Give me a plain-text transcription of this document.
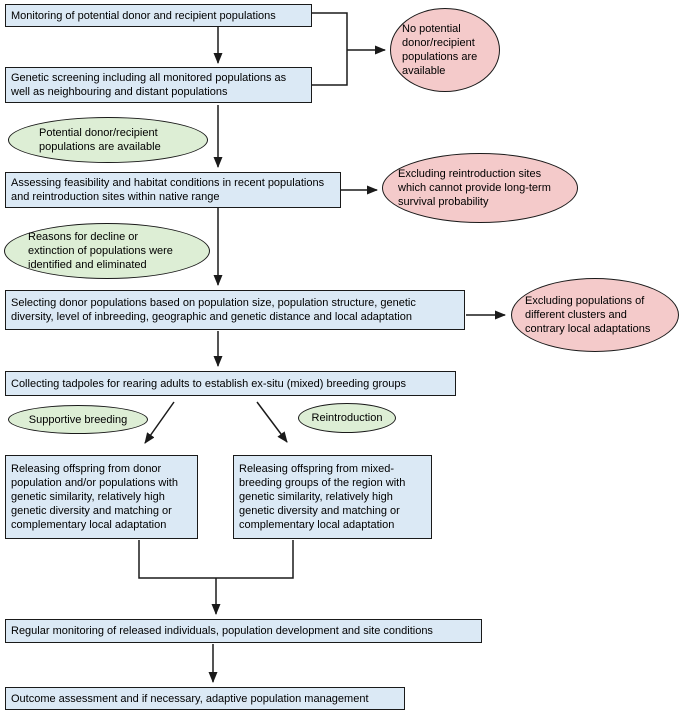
Monitoring of potential donor and recipient populations
Genetic screening including all monitored populations as well as neighbouring and distant populations
No potential donor/recipient populations are available
Potential donor/recipient populations are available
Assessing feasibility and habitat conditions in recent populations and reintroduction sites within native range
Excluding reintroduction sites which cannot provide long-term survival probability
Reasons for decline or extinction of populations were identified and eliminated
Selecting donor populations based on population size, population structure, genetic diversity, level of inbreeding, geographic and genetic distance and local adaptation
Excluding populations of different clusters and contrary local adaptations
Collecting tadpoles for rearing adults to establish ex-situ (mixed) breeding groups
Supportive breeding	Reintroduction
Releasing offspring from donor population and/or populations with genetic similarity, relatively high genetic diversity and matching or complementary local adaptation
Releasing offspring from mixed-breeding groups of the region with genetic similarity, relatively high genetic diversity and matching or complementary local adaptation
Regular monitoring of released individuals, population development and site conditions
Outcome assessment and if necessary, adaptive population management
